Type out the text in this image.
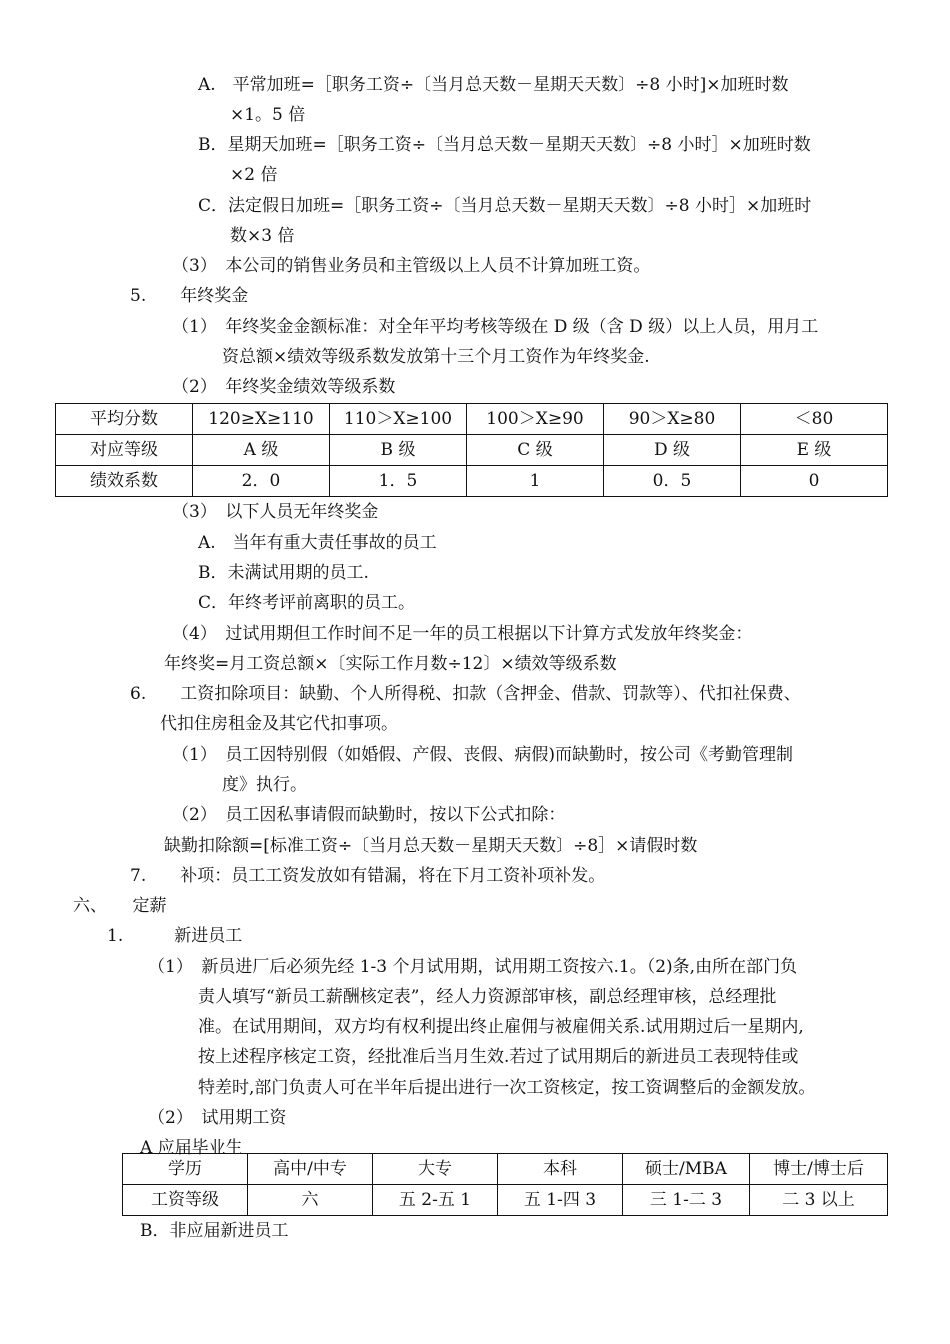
A.　平常加班=［职务工资÷〔当月总天数－星期天天数〕÷8 小时]×加班时数
×1。5 倍
B．星期天加班=［职务工资÷〔当月总天数－星期天天数〕÷8 小时］×加班时数
×2 倍
C．法定假日加班=［职务工资÷〔当月总天数－星期天天数〕÷8 小时］×加班时
数×3 倍
（3）　本公司的销售业务员和主管级以上人员不计算加班工资。
5.　　年终奖金
（1）　年终奖金金额标准：对全年平均考核等级在 D 级（含 D 级）以上人员，用月工
资总额×绩效等级系数发放第十三个月工资作为年终奖金.
（2）　年终奖金绩效等级系数
平均分数	120≥X≥110	110＞X≥100	100＞X≥90	90＞X≥80	＜80
对应等级	A 级	B 级	C 级	D 级	E 级
绩效系数	2．0	1．5	1	0．5	0
（3）　以下人员无年终奖金
A.　当年有重大责任事故的员工
B．未满试用期的员工.
C．年终考评前离职的员工。
（4）　过试用期但工作时间不足一年的员工根据以下计算方式发放年终奖金：
年终奖=月工资总额×〔实际工作月数÷12〕×绩效等级系数
6.　　工资扣除项目：缺勤、个人所得税、扣款（含押金、借款、罚款等）、代扣社保费、
代扣住房租金及其它代扣事项。
（1）　员工因特别假（如婚假、产假、丧假、病假)而缺勤时，按公司《考勤管理制
度》执行。
（2）　员工因私事请假而缺勤时，按以下公式扣除：
缺勤扣除额=[标准工资÷〔当月总天数－星期天天数〕÷8］×请假时数
7.　　补项：员工工资发放如有错漏，将在下月工资补项补发。
六、　　定薪
1.　　　新进员工
（1）　新员进厂后必须先经 1-3 个月试用期，试用期工资按六.1。（2)条,由所在部门负
责人填写“新员工薪酬核定表”，经人力资源部审核，副总经理审核，总经理批
准。在试用期间，双方均有权利提出终止雇佣与被雇佣关系.试用期过后一星期内,
按上述程序核定工资，经批准后当月生效.若过了试用期后的新进员工表现特佳或
特差时,部门负责人可在半年后提出进行一次工资核定，按工资调整后的金额发放。
（2）　试用期工资
A 应届毕业生
学历	高中/中专	大专	本科	硕士/MBA	博士/博士后
工资等级	六	五 2-五 1	五 1-四 3	三 1-二 3	二 3 以上
B．非应届新进员工
